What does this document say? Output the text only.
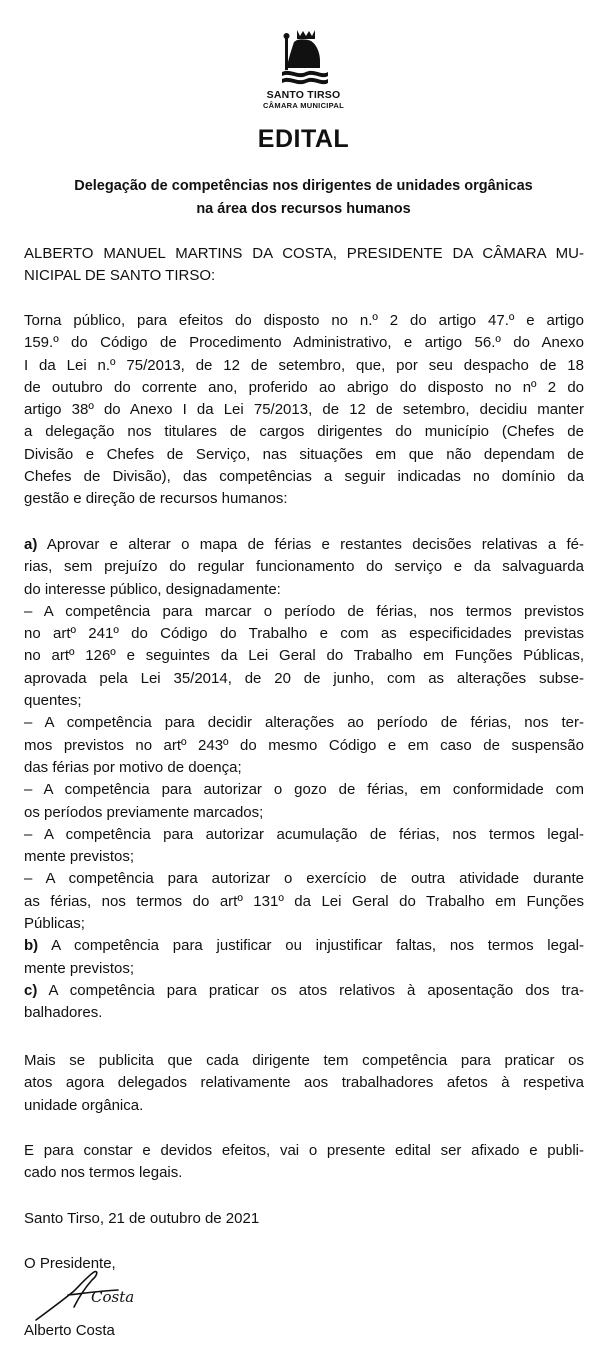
SANTO TIRSO
CÂMARA MUNICIPAL
EDITAL
Delegação de competências nos dirigentes de unidades orgânicas
na área dos recursos humanos
ALBERTO MANUEL MARTINS DA COSTA, PRESIDENTE DA CÂMARA MU-
NICIPAL DE SANTO TIRSO:
Torna público, para efeitos do disposto no n.º 2 do artigo 47.º e artigo
159.º do Código de Procedimento Administrativo, e artigo 56.º do Anexo
I da Lei n.º 75/2013, de 12 de setembro, que, por seu despacho de 18
de outubro do corrente ano, proferido ao abrigo do disposto no nº 2 do
artigo 38º do Anexo I da Lei 75/2013, de 12 de setembro, decidiu manter
a delegação nos titulares de cargos dirigentes do município (Chefes de
Divisão e Chefes de Serviço, nas situações em que não dependam de
Chefes de Divisão), das competências a seguir indicadas no domínio da
gestão e direção de recursos humanos:
a) Aprovar e alterar o mapa de férias e restantes decisões relativas a fé-
rias, sem prejuízo do regular funcionamento do serviço e da salvaguarda
do interesse público, designadamente:
– A competência para marcar o período de férias, nos termos previstos
no artº 241º do Código do Trabalho e com as especificidades previstas
no artº 126º e seguintes da Lei Geral do Trabalho em Funções Públicas,
aprovada pela Lei 35/2014, de 20 de junho, com as alterações subse-
quentes;
– A competência para decidir alterações ao período de férias, nos ter-
mos previstos no artº 243º do mesmo Código e em caso de suspensão
das férias por motivo de doença;
– A competência para autorizar o gozo de férias, em conformidade com
os períodos previamente marcados;
– A competência para autorizar acumulação de férias, nos termos legal-
mente previstos;
– A competência para autorizar o exercício de outra atividade durante
as férias, nos termos do artº 131º da Lei Geral do Trabalho em Funções
Públicas;
b) A competência para justificar ou injustificar faltas, nos termos legal-
mente previstos;
c) A competência para praticar os atos relativos à aposentação dos tra-
balhadores.
Mais se publicita que cada dirigente tem competência para praticar os
atos agora delegados relativamente aos trabalhadores afetos à respetiva
unidade orgânica.
E para constar e devidos efeitos, vai o presente edital ser afixado e publi-
cado nos termos legais.
Santo Tirso, 21 de outubro de 2021
O Presidente,
Costa
Alberto Costa
